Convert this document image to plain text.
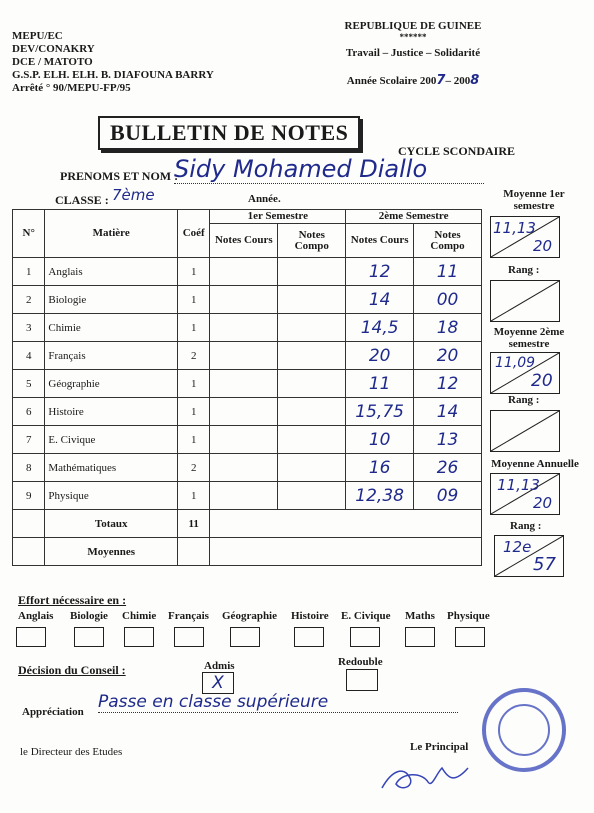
MEPU/EC
DEV/CONAKRY
DCE / MATOTO
G.S.P. ELH. ELH. B. DIAFOUNA BARRY
Arrêté ° 90/MEPU-FP/95
REPUBLIQUE DE GUINEE
******
Travail – Justice – Solidarité
Année Scolaire 2007– 2008
BULLETIN DE NOTES
CYCLE SCONDAIRE
PRENOMS ET NOM :
Sidy Mohamed Diallo
CLASSE : 7ème	Année.
N°	Matière	Coéf	1er Semestre		2ème Semestre	
			Notes Cours	Notes Compo	Notes Cours	Notes Compo
1	Anglais	1			12	11
2	Biologie	1			14	00
3	Chimie	1			14,5	18
4	Français	2			20	20
5	Géographie	1			11	12
6	Histoire	1			15,75	14
7	E. Civique	1			10	13
8	Mathématiques	2			16	26
9	Physique	1			12,38	09
	Totaux	11				
	Moyennes					
Moyenne 1er semestre
11,13
20
Rang :
Moyenne 2ème semestre
11,09
20
Rang :
Moyenne Annuelle
11,13
20
Rang :
12e
57
Effort nécessaire en :
Anglais Biologie Chimie Français Géographie Histoire E. Civique Maths Physique
Décision du Conseil :	Admis
X
Redouble
Appréciation Passe en classe supérieure
le Directeur des Etudes	Le Principal
